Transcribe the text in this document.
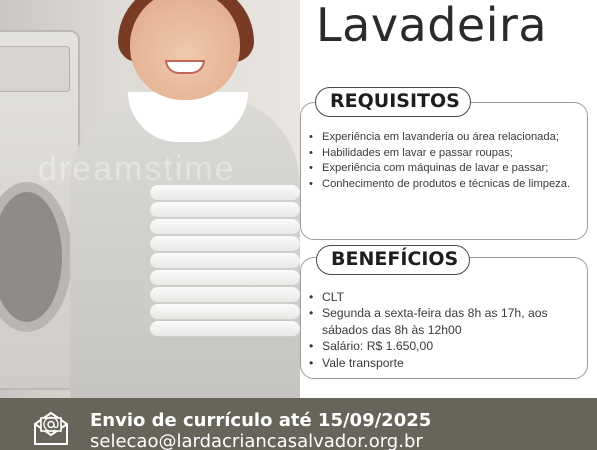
dreamstime
Lavadeira
REQUISITOS
• Experiência em lavanderia ou área relacionada;
• Habilidades em lavar e passar roupas;
• Experiência com máquinas de lavar e passar;
• Conhecimento de produtos e técnicas de limpeza.
BENEFÍCIOS
• CLT
• Segunda a sexta-feira das 8h as 17h, aos sábados das 8h às 12h00
• Salário: R$ 1.650,00
• Vale transporte
Envio de currículo até 15/09/2025
selecao@lardacriancasalvador.org.br
